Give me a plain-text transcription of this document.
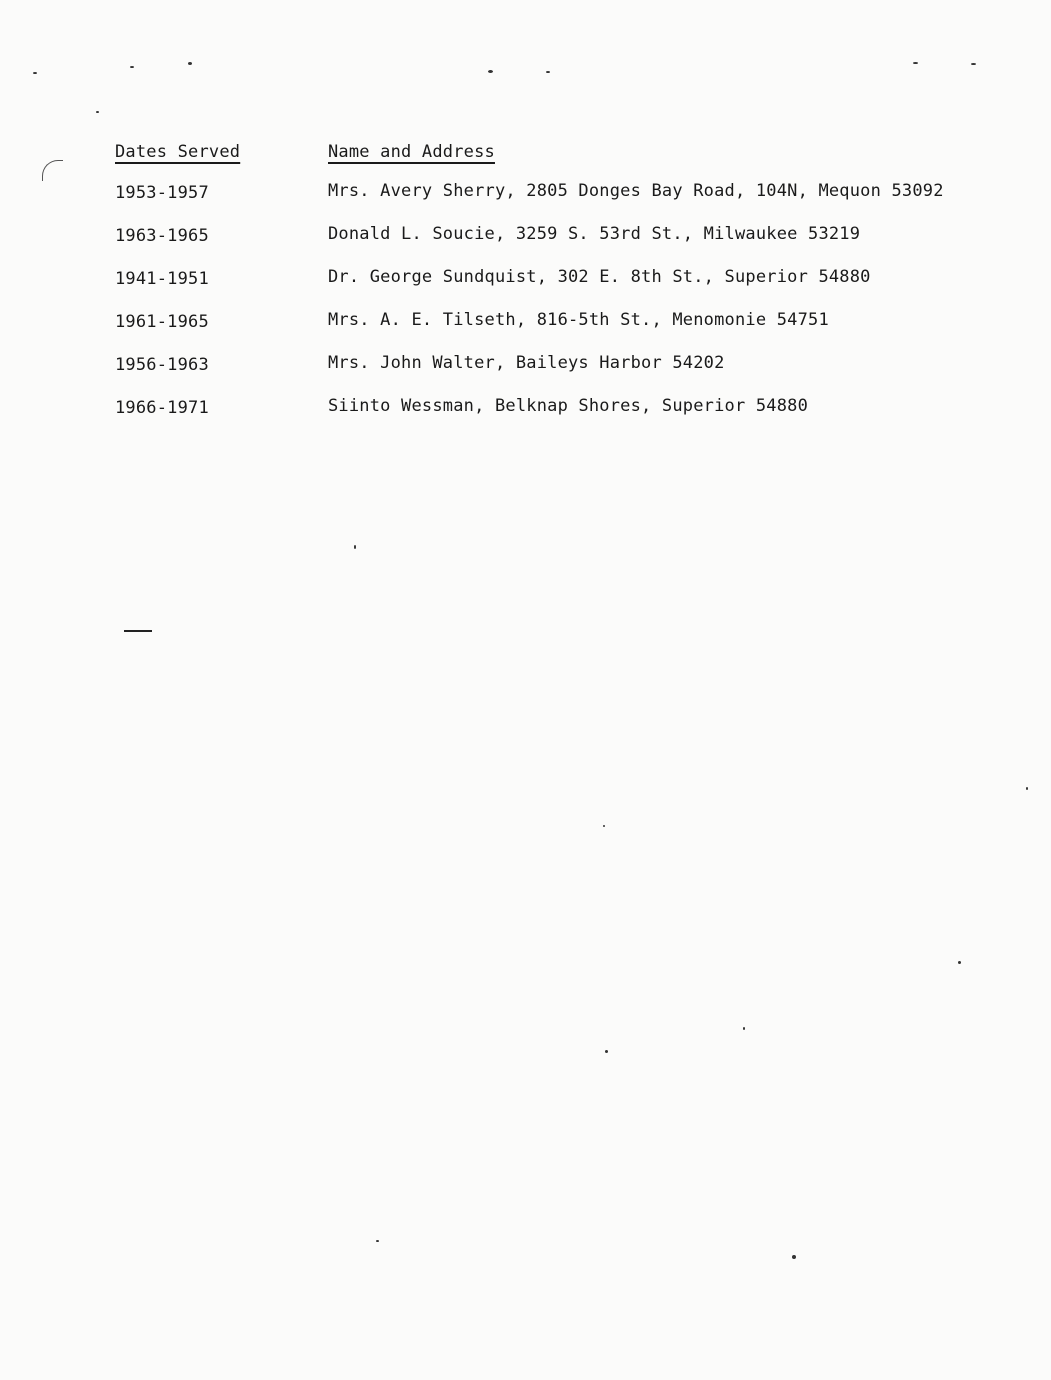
Dates Served	Name and Address
1953-1957	Mrs. Avery Sherry, 2805 Donges Bay Road, 104N, Mequon 53092
1963-1965	Donald L. Soucie, 3259 S. 53rd St., Milwaukee 53219
1941-1951	Dr. George Sundquist, 302 E. 8th St., Superior 54880
1961-1965	Mrs. A. E. Tilseth, 816-5th St., Menomonie 54751
1956-1963	Mrs. John Walter, Baileys Harbor 54202
1966-1971	Siinto Wessman, Belknap Shores, Superior 54880
